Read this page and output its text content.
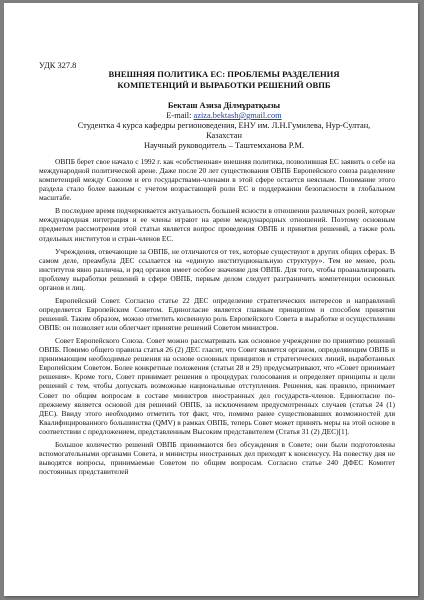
УДК 327.8
ВНЕШНЯЯ ПОЛИТИКА ЕС: ПРОБЛЕМЫ РАЗДЕЛЕНИЯ КОМПЕТЕНЦИЙ И ВЫРАБОТКИ РЕШЕНИЙ ОВПБ
Бекташ Азиза Ділмұратқызы
E-mail: aziza.bektash@gmail.com
Студентка 4 курса кафедры регионоведения, ЕНУ им. Л.Н.Гумилева, Нур-Султан, Казахстан
Научный руководитель – Таштемханова Р.М.

ОВПБ берет свое начало с 1992 г. как «собственная» внешняя политика, позволившая ЕС заявить о себе на международной политической арене. Даже после 20 лет существования ОВПБ Европейского союза разделение компетенций между Союзом и его государствами-членами в этой сфере остается неясным. Понимание этого раздела стало более важным с учетом возрастающей роли ЕС в поддержании безопасности в глобальном масштабе.

В последнее время подчеркивается актуальность большей ясности в отношении различных ролей, которые международная интеграция и ее члены играют на арене международных отношений. Поэтому основным предметом рассмотрения этой статьи является вопрос проведения ОВПБ и принятия решений, а также роль отдельных институтов и стран-членов ЕС.

Учреждения, отвечающие за ОВПБ, не отличаются от тех, которые существуют в других общих сферах. В самом деле, преамбула ДЕС ссылается на «единую институциональную структуру». Тем не менее, роль институтов явно различна, и ряд органов имеет особое значение для ОВПБ. Для того, чтобы проанализировать проблему выработки решений в сфере ОВПБ, первым делом следует разграничить компетенции основных органов и лиц.

Европейский Совет. Согласно статье 22 ДЕС определение стратегических интересов и направлений определяется Европейским Советом. Единогласие является главным принципом и способом принятия решений. Таким образом, можно отметить косвенную роль Европейского Совета в выработке и осуществлении ОВПБ: он позволяет или облегчает принятие решений Советом министров.

Совет Европейского Союза. Совет можно рассматривать как основное учреждение по принятию решений ОВПБ. Помимо общего правила статья 26 (2) ДЕС гласит, что Совет является органом, определяющим ОВПБ и принимающим необходимые решения на основе основных принципов и стратегических линий, выработанных Европейским Советом. Более конкретные положения (статьи 28 и 29) предусматривают, что «Совет принимает решения». Кроме того, Совет принимает решения о процедурах голосования и определяет принципы и цели решений с тем, чтобы допускать возможные национальные отступления. Решения, как правило, принимает Совет по общим вопросам в составе министров иностранных дел государств-членов. Единогласие по-прежнему является основой для решений ОВПБ, за исключением предусмотренных случаев (статья 24 (1) ДЕС). Ввиду этого необходимо отметить тот факт, что, помимо ранее существовавших возможностей для Квалифицированного большинства (QMV) в рамках ОВПБ, теперь Совет может принять меры на этой основе в соответствии с предложением, представленным Высоким представителем (Статья 31 (2) ДЕС)[1].

Большое количество решений ОВПБ принимаются без обсуждения в Совете; они были подготовлены вспомогательными органами Совета, и министры иностранных дел приходят к консенсусу. На повестку дня не выводятся вопросы, принимаемые Советом по общим вопросам. Согласно статье 240 ДФЕС Комитет постоянных представителей
